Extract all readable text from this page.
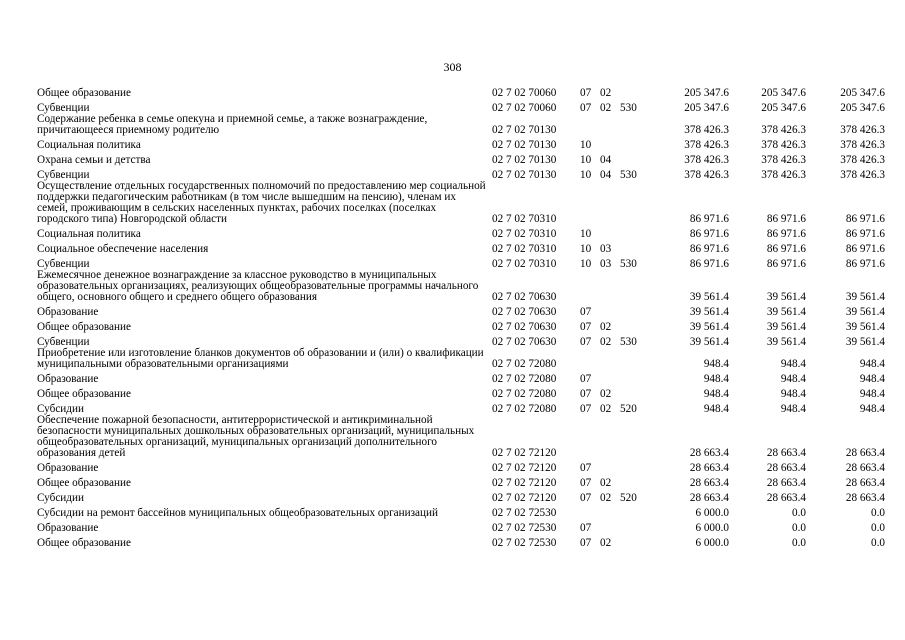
308
Общее образование	02 7 02 70060	07	02		205 347.6	205 347.6	205 347.6
Субвенции	02 7 02 70060	07	02	530	205 347.6	205 347.6	205 347.6
Содержание ребенка в семье опекуна и приемной семье, а также вознаграждение, причитающееся приемному родителю	02 7 02 70130				378 426.3	378 426.3	378 426.3
Социальная политика	02 7 02 70130	10			378 426.3	378 426.3	378 426.3
Охрана семьи и детства	02 7 02 70130	10	04		378 426.3	378 426.3	378 426.3
Субвенции	02 7 02 70130	10	04	530	378 426.3	378 426.3	378 426.3
Осуществление отдельных государственных полномочий по предоставлению мер социальной поддержки педагогическим работникам (в том числе вышедшим на пенсию), членам их семей, проживающим в сельских населенных пунктах, рабочих поселках (поселках городского типа) Новгородской области	02 7 02 70310				86 971.6	86 971.6	86 971.6
Социальная политика	02 7 02 70310	10			86 971.6	86 971.6	86 971.6
Социальное обеспечение населения	02 7 02 70310	10	03		86 971.6	86 971.6	86 971.6
Субвенции	02 7 02 70310	10	03	530	86 971.6	86 971.6	86 971.6
Ежемесячное денежное вознаграждение за классное руководство в муниципальных образовательных организациях, реализующих общеобразовательные программы начального общего, основного общего и среднего общего образования	02 7 02 70630				39 561.4	39 561.4	39 561.4
Образование	02 7 02 70630	07			39 561.4	39 561.4	39 561.4
Общее образование	02 7 02 70630	07	02		39 561.4	39 561.4	39 561.4
Субвенции	02 7 02 70630	07	02	530	39 561.4	39 561.4	39 561.4
Приобретение или изготовление бланков документов об образовании и (или) о квалификации муниципальными образовательными организациями	02 7 02 72080				948.4	948.4	948.4
Образование	02 7 02 72080	07			948.4	948.4	948.4
Общее образование	02 7 02 72080	07	02		948.4	948.4	948.4
Субсидии	02 7 02 72080	07	02	520	948.4	948.4	948.4
Обеспечение пожарной безопасности, антитеррористической и антикриминальной безопасности муниципальных дошкольных образовательных организаций, муниципальных общеобразовательных организаций, муниципальных организаций дополнительного образования детей	02 7 02 72120				28 663.4	28 663.4	28 663.4
Образование	02 7 02 72120	07			28 663.4	28 663.4	28 663.4
Общее образование	02 7 02 72120	07	02		28 663.4	28 663.4	28 663.4
Субсидии	02 7 02 72120	07	02	520	28 663.4	28 663.4	28 663.4
Субсидии на ремонт бассейнов муниципальных общеобразовательных организаций	02 7 02 72530				6 000.0	0.0	0.0
Образование	02 7 02 72530	07			6 000.0	0.0	0.0
Общее образование	02 7 02 72530	07	02		6 000.0	0.0	0.0
